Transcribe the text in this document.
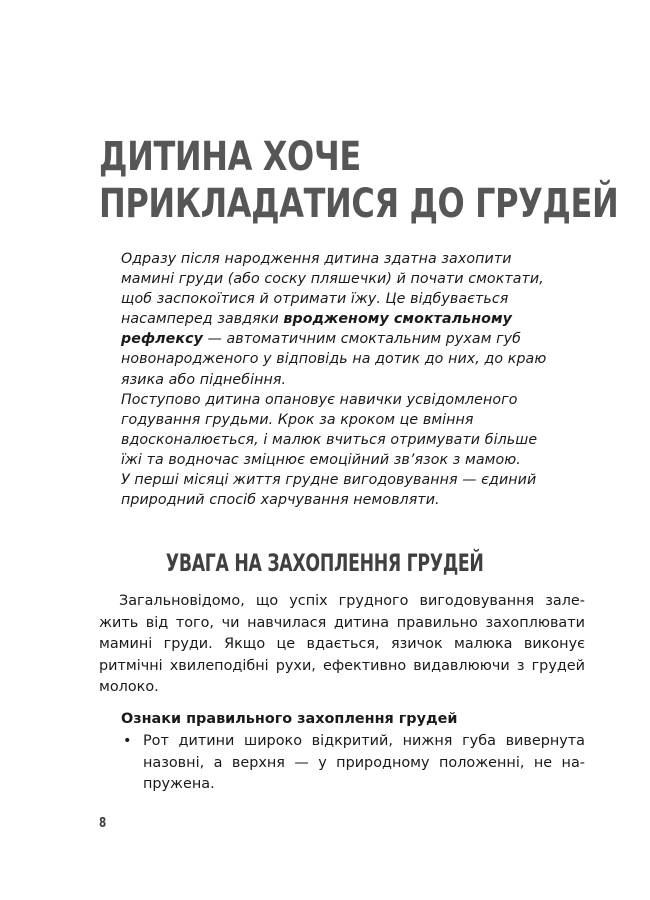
ДИТИНА ХОЧЕ
ПРИКЛАДАТИСЯ ДО ГРУДЕЙ

Одразу після народження дитина здатна захопити мамині груди (або соску пляшечки) й почати смоктати, щоб заспокоїтися й отримати їжу. Це відбувається насамперед завдяки вродженому смоктальному рефлексу — автоматичним смоктальним рухам губ новонародженого у відповідь на дотик до них, до краю язика або піднебіння.

Поступово дитина опановує навички усвідомленого годування грудьми. Крок за кроком це вміння вдосконалюється, і малюк вчиться отримувати більше їжі та водночас зміцнює емоційний зв’язок з мамою.

У перші місяці життя грудне вигодовування — єдиний природний спосіб харчування немовляти.

УВАГА НА ЗАХОПЛЕННЯ ГРУДЕЙ

Загальновідомо, що успіх грудного вигодовування залежить від того, чи навчилася дитина правильно захоплювати мамині груди. Якщо це вдається, язичок малюка виконує ритмічні хвилеподібні рухи, ефективно видавлюючи з грудей молоко.

Ознаки правильного захоплення грудей
• Рот дитини широко відкритий, нижня губа вивернута назовні, а верхня — у природному положенні, не напружена.
8
